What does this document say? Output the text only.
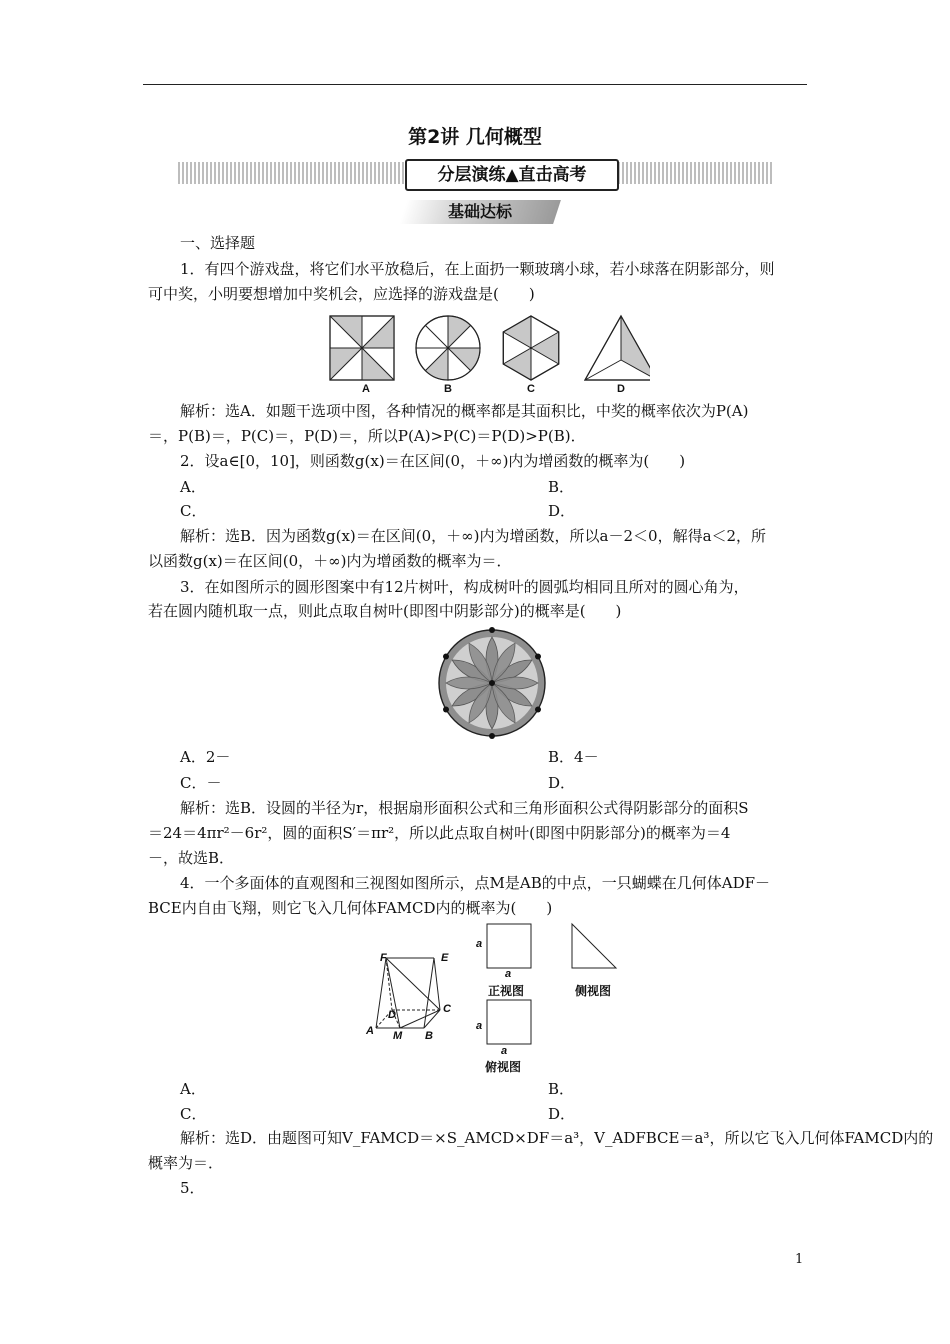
第2讲 几何概型
分层演练▲直击高考
基础达标
一、选择题
1．有四个游戏盘，将它们水平放稳后，在上面扔一颗玻璃小球，若小球落在阴影部分，则
可中奖，小明要想增加中奖机会，应选择的游戏盘是(　　)
A	B	C	D
解析：选A．如题干选项中图，各种情况的概率都是其面积比，中奖的概率依次为P(A)
＝，P(B)＝，P(C)＝，P(D)＝，所以P(A)>P(C)＝P(D)>P(B)．
2．设a∈[0，10]，则函数g(x)＝在区间(0，＋∞)内为增函数的概率为(　　)
A．	B．
C．	D．
解析：选B．因为函数g(x)＝在区间(0，＋∞)内为增函数，所以a－2＜0，解得a＜2，所
以函数g(x)＝在区间(0，＋∞)内为增函数的概率为＝．
3．在如图所示的圆形图案中有12片树叶，构成树叶的圆弧均相同且所对的圆心角为，
若在圆内随机取一点，则此点取自树叶(即图中阴影部分)的概率是(　　)
A．2－	B．4－
C．－	D．
解析：选B．设圆的半径为r，根据扇形面积公式和三角形面积公式得阴影部分的面积S
＝24＝4πr²－6r²，圆的面积S′＝πr²，所以此点取自树叶(即图中阴影部分)的概率为＝4
－，故选B．
4．一个多面体的直观图和三视图如图所示，点M是AB的中点，一只蝴蝶在几何体ADF－
BCE内自由飞翔，则它飞入几何体FAMCD内的概率为(　　)
F	E
C
D
A M B
a
a
正视图	侧视图
a
a
俯视图
A．	B．
C．	D．
解析：选D．由题图可知V_FAMCD＝×S_AMCD×DF＝a³，V_ADFBCE＝a³，所以它飞入几何体FAMCD内的
概率为＝．
5．
1
